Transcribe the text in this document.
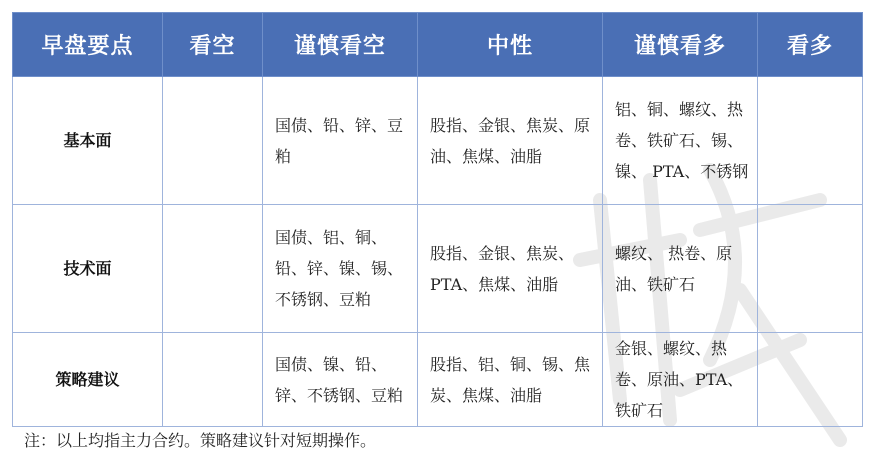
早盘要点	看空	谨慎看空	中性	谨慎看多	看多
基本面		国债、铅、锌、豆粕	股指、金银、焦炭、原油、焦煤、油脂	铝、铜、螺纹、热卷、铁矿石、锡、镍、 PTA、不锈钢	
技术面		国债、铝、铜、铅、锌、镍、锡、 不锈钢、豆粕	股指、金银、焦炭、PTA、焦煤、油脂	螺纹、 热卷、原油、铁矿石	
策略建议		国债、镍、铅、锌、不锈钢、豆粕	股指、铝、铜、锡、焦炭、焦煤、油脂	金银、螺纹、热卷、原油、PTA、铁矿石	
注：以上均指主力合约。策略建议针对短期操作。
